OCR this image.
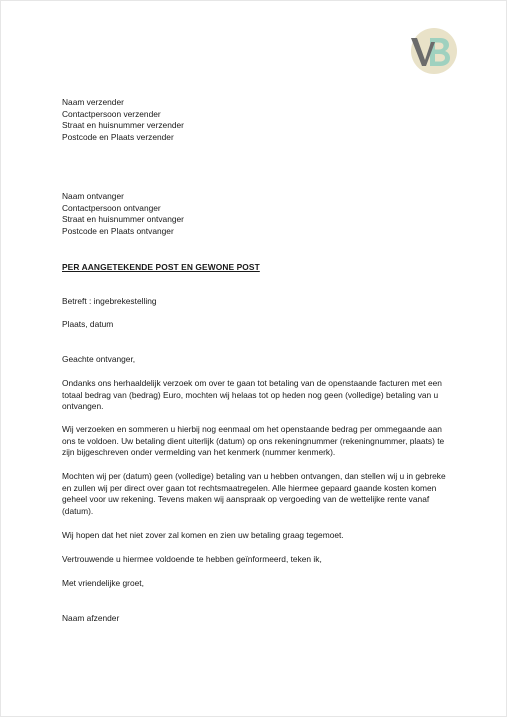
Naam verzender
Contactpersoon verzender
Straat en huisnummer verzender
Postcode en Plaats verzender
Naam ontvanger
Contactpersoon ontvanger
Straat en huisnummer ontvanger
Postcode en Plaats ontvanger
PER AANGETEKENDE POST EN GEWONE POST
Betreft : ingebrekestelling
Plaats, datum
Geachte ontvanger,
Ondanks ons herhaaldelijk verzoek om over te gaan tot betaling van de openstaande facturen met een totaal bedrag van (bedrag) Euro, mochten wij helaas tot op heden nog geen (volledige) betaling van u ontvangen.
Wij verzoeken en sommeren u hierbij nog eenmaal om het openstaande bedrag per ommegaande aan ons te voldoen. Uw betaling dient uiterlijk (datum) op ons rekeningnummer (rekeningnummer, plaats) te zijn bijgeschreven onder vermelding van het kenmerk (nummer kenmerk).
Mochten wij per (datum) geen (volledige) betaling van u hebben ontvangen, dan stellen wij u in gebreke en zullen wij per direct over gaan tot rechtsmaatregelen. Alle hiermee gepaard gaande kosten komen geheel voor uw rekening. Tevens maken wij aanspraak op vergoeding van de wettelijke rente vanaf (datum).
Wij hopen dat het niet zover zal komen en zien uw betaling graag tegemoet.
Vertrouwende u hiermee voldoende te hebben geïnformeerd, teken ik,
Met vriendelijke groet,
Naam afzender
